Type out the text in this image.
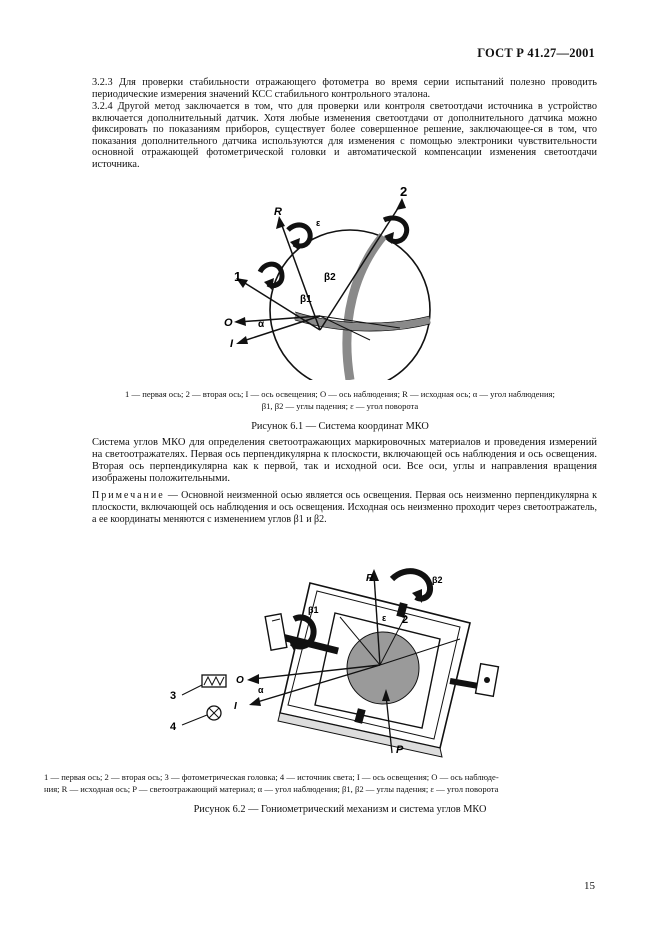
ГОСТ Р 41.27—2001
3.2.3 Для проверки стабильности отражающего фотометра во время серии испытаний полезно проводить периодические измерения значений КСС стабильного контрольного эталона.
3.2.4 Другой метод заключается в том, что для проверки или контроля светоотдачи источника в устройство включается дополнительный датчик. Хотя любые изменения светоотдачи от дополнительного датчика можно фиксировать по показаниям приборов, существует более совершенное решение, заключающее-ся в том, что показания дополнительного датчика используются для изменения с помощью электроники чувствительности основной отражающей фотометрической головки и автоматической компенсации изменения светоотдачи источника.
R
ε
2
1	β2
β1
O	α
I
1 — первая ось; 2 — вторая ось; I — ось освещения; O — ось наблюдения; R — исходная ось; α — угол наблюдения;
β1, β2 — углы падения; ε — угол поворота
Рисунок 6.1 — Система координат МКО
Система углов МКО для определения светоотражающих маркировочных материалов и проведения измерений на светоотражателях. Первая ось перпендикулярна к плоскости, включающей ось наблюдения и ось освещения. Вторая ось перпендикулярна как к первой, так и исходной оси. Все оси, углы и направления вращения изображены положительными.
Примечание — Основной неизменной осью является ось освещения. Первая ось неизменно перпендикулярна к плоскости, включающей ось наблюдения и ось освещения. Исходная ось неизменно проходит через светоотражатель, а ее координаты меняются с изменением углов β1 и β2.
R	β2
β1
ε 2
O
α
I
3
4
P
1 — первая ось; 2 — вторая ось; 3 — фотометрическая головка; 4 — источник света; I — ось освещения; O — ось наблюде-
ния; R — исходная ось; P — светоотражающий материал; α — угол наблюдения; β1, β2 — углы падения; ε — угол поворота
Рисунок 6.2 — Гониометрический механизм и система углов МКО
15
